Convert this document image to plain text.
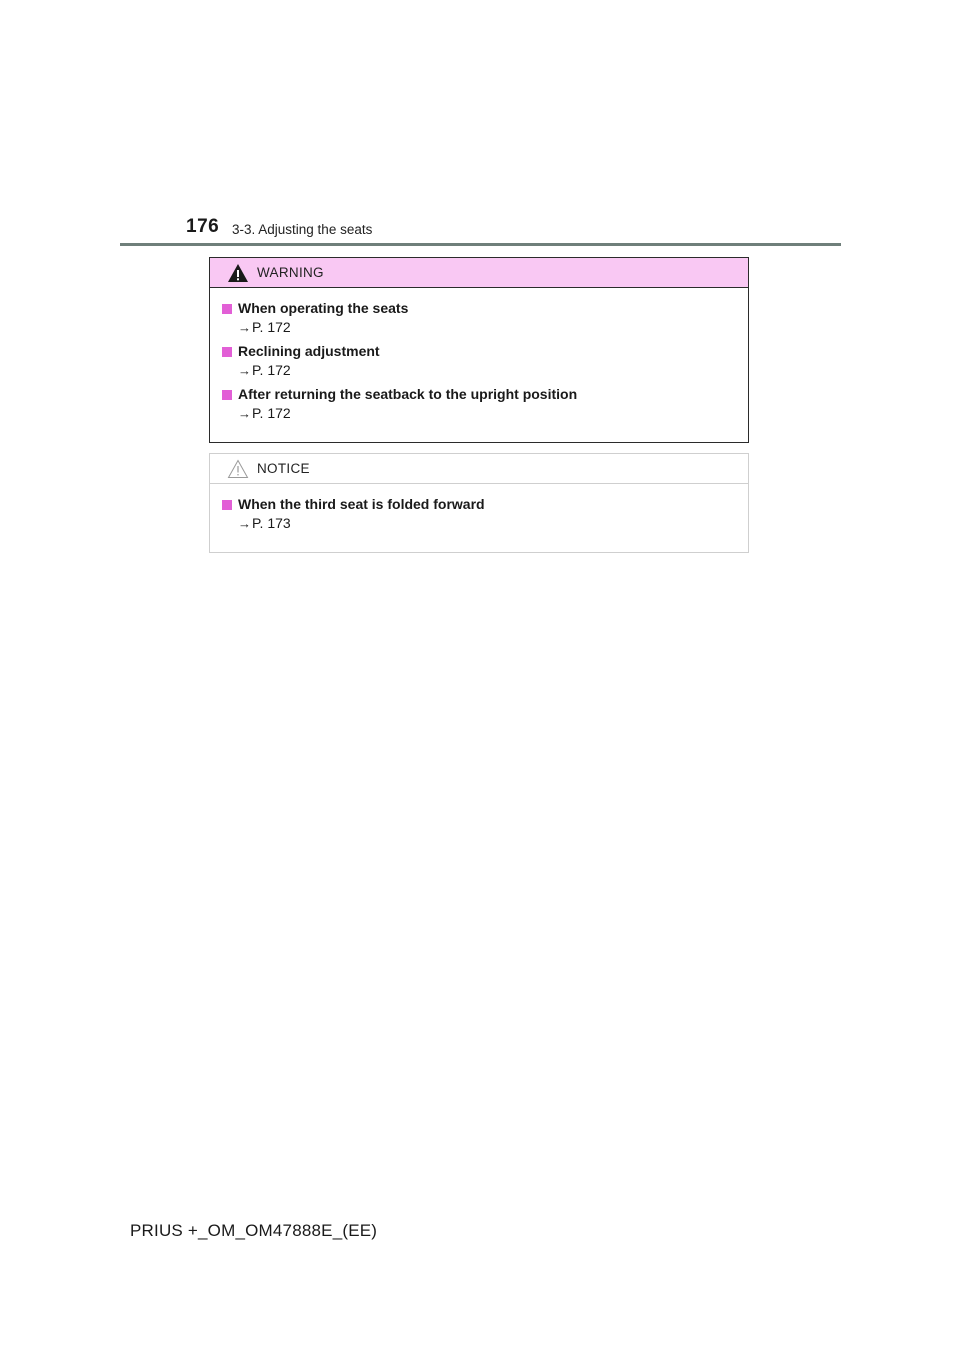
176 3-3. Adjusting the seats
WARNING
When operating the seats
→P. 172
Reclining adjustment
→P. 172
After returning the seatback to the upright position
→P. 172
NOTICE
When the third seat is folded forward
→P. 173
PRIUS +_OM_OM47888E_(EE)
